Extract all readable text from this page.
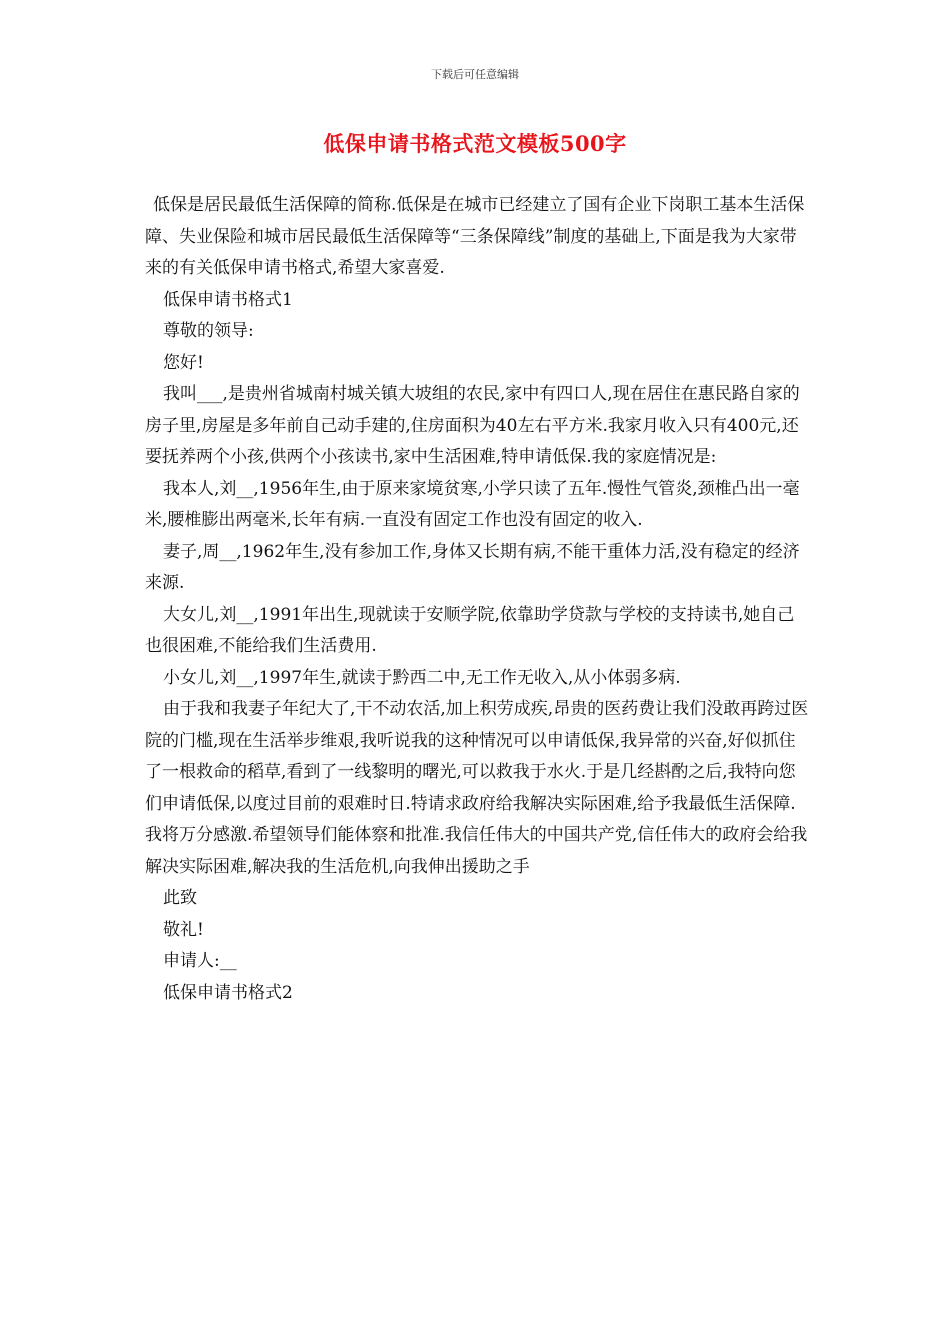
下载后可任意编辑
低保申请书格式范文模板500字

低保是居民最低生活保障的简称.低保是在城市已经建立了国有企业下岗职工基本生活保障、失业保险和城市居民最低生活保障等“三条保障线”制度的基础上,下面是我为大家带来的有关低保申请书格式,希望大家喜爱.

低保申请书格式1

尊敬的领导:

您好!

我叫___,是贵州省城南村城关镇大坡组的农民,家中有四口人,现在居住在惠民路自家的房子里,房屋是多年前自己动手建的,住房面积为40左右平方米.我家月收入只有400元,还要抚养两个小孩,供两个小孩读书,家中生活困难,特申请低保.我的家庭情况是:

我本人,刘__,1956年生,由于原来家境贫寒,小学只读了五年.慢性气管炎,颈椎凸出一毫米,腰椎膨出两毫米,长年有病.一直没有固定工作也没有固定的收入.

妻子,周__,1962年生,没有参加工作,身体又长期有病,不能干重体力活,没有稳定的经济来源.

大女儿,刘__,1991年出生,现就读于安顺学院,依靠助学贷款与学校的支持读书,她自己也很困难,不能给我们生活费用.

小女儿,刘__,1997年生,就读于黔西二中,无工作无收入,从小体弱多病.

由于我和我妻子年纪大了,干不动农活,加上积劳成疾,昂贵的医药费让我们没敢再跨过医院的门槛,现在生活举步维艰,我听说我的这种情况可以申请低保,我异常的兴奋,好似抓住了一根救命的稻草,看到了一线黎明的曙光,可以救我于水火.于是几经斟酌之后,我特向您们申请低保,以度过目前的艰难时日.特请求政府给我解决实际困难,给予我最低生活保障.我将万分感激.希望领导们能体察和批准.我信任伟大的中国共产党,信任伟大的政府会给我解决实际困难,解决我的生活危机,向我伸出援助之手

此致

敬礼!

申请人:__

低保申请书格式2
